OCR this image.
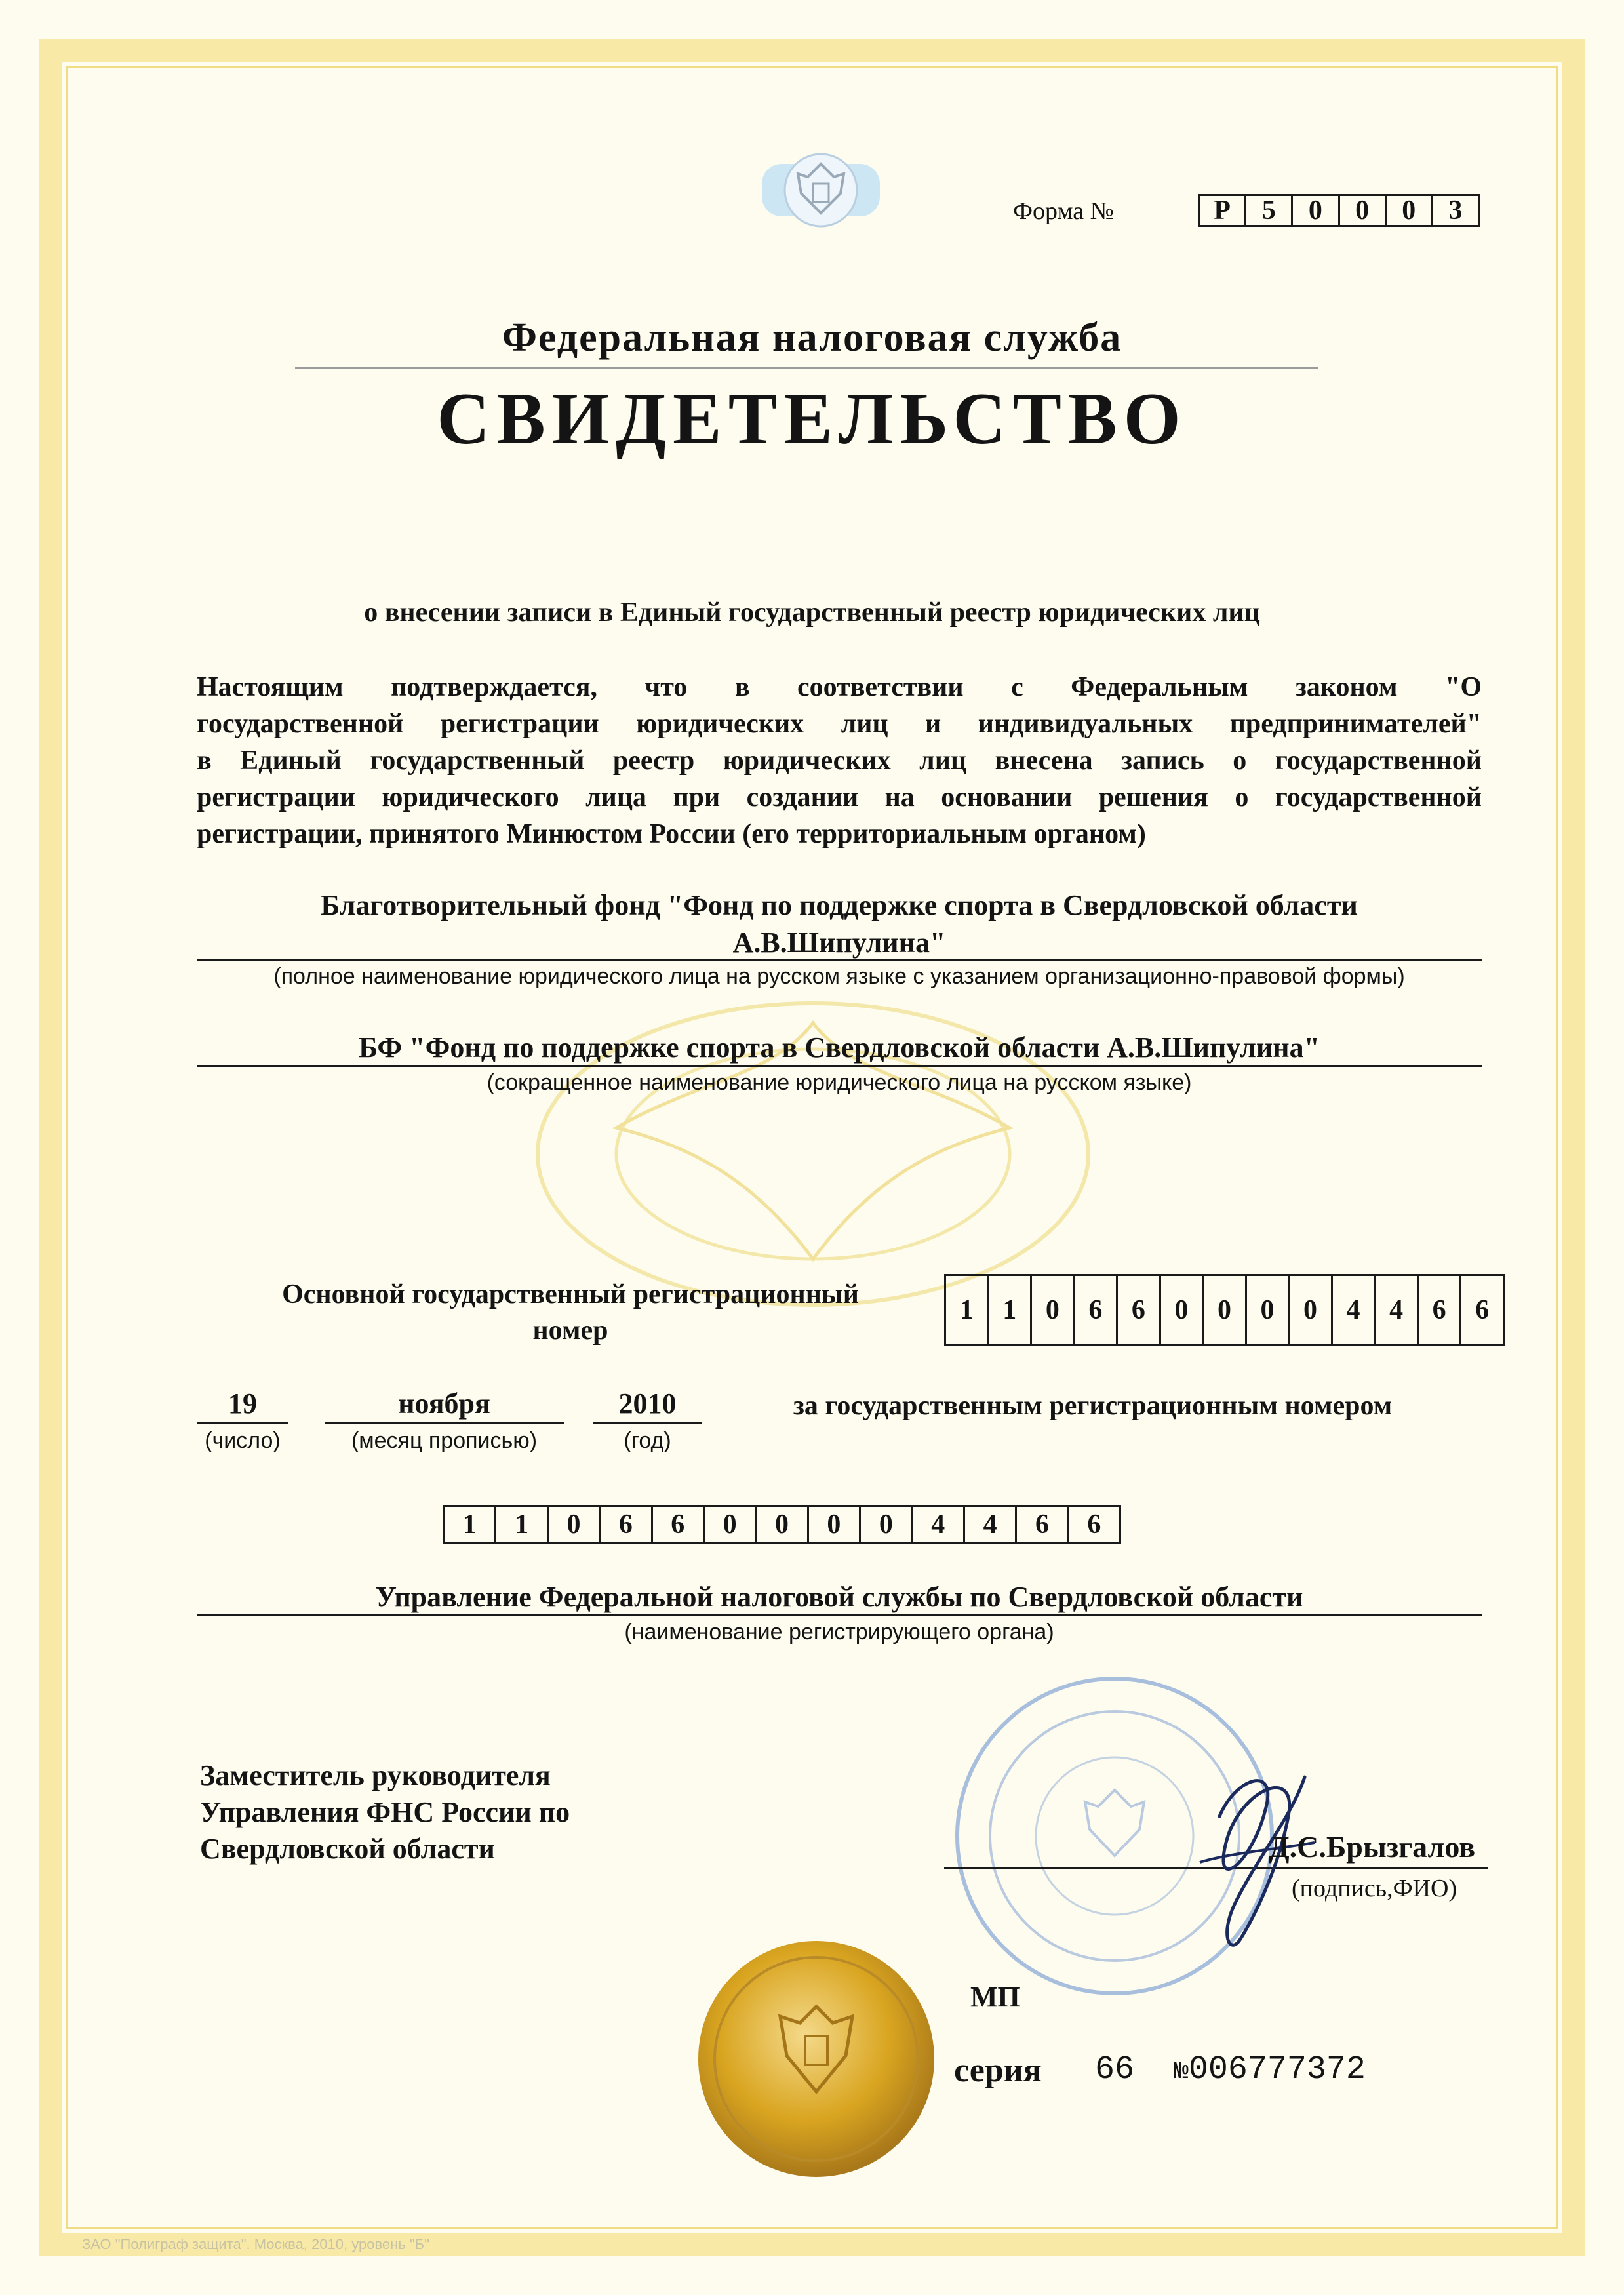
Форма №	Р	5	0	0	0	3
Федеральная налоговая служба
СВИДЕТЕЛЬСТВО
о внесении записи в Единый государственный реестр юридических лиц
Настоящим подтверждается, что в соответствии с Федеральным законом "О
государственной регистрации юридических лиц и индивидуальных предпринимателей"
в Единый государственный реестр юридических лиц внесена запись о государственной
регистрации юридического лица при создании на основании решения о государственной
регистрации, принятого Минюстом России (его территориальным органом)
Благотворительный фонд "Фонд по поддержке спорта в Свердловской области
А.В.Шипулина"
(полное наименование юридического лица на русском языке с указанием организационно-правовой формы)
БФ "Фонд по поддержке спорта в Свердловской области А.В.Шипулина"
(сокращенное наименование юридического лица на русском языке)
Основной государственный регистрационный
номер
1	1	0	6	6	0	0	0	0	4	4	6	6
19
(число)
ноября
(месяц прописью)
2010
(год)
за государственным регистрационным номером
1	1	0	6	6	0	0	0	0	4	4	6	6
Управление Федеральной налоговой службы по Свердловской области
(наименование регистрирующего органа)
Заместитель руководителя
Управления ФНС России по
Свердловской области	Д.С.Брызгалов
(подпись,ФИО)
МП
серия 66 №006777372
ЗАО "Полиграф защита". Москва, 2010, уровень "Б"
